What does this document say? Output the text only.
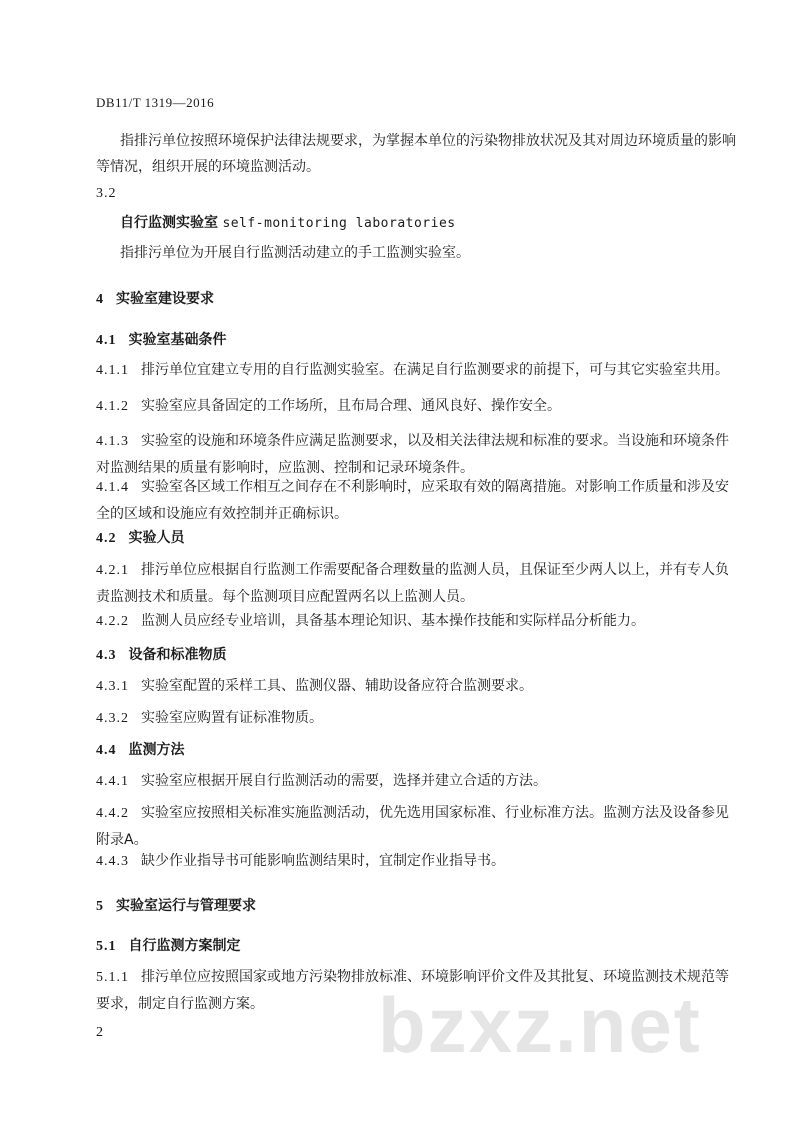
DB11/T 1319—2016
指排污单位按照环境保护法律法规要求，为掌握本单位的污染物排放状况及其对周边环境质量的影响等情况，组织开展的环境监测活动。
3.2
自行监测实验室 self-monitoring laboratories
指排污单位为开展自行监测活动建立的手工监测实验室。
4 实验室建设要求
4.1 实验室基础条件
4.1.1 排污单位宜建立专用的自行监测实验室。在满足自行监测要求的前提下，可与其它实验室共用。
4.1.2 实验室应具备固定的工作场所，且布局合理、通风良好、操作安全。
4.1.3 实验室的设施和环境条件应满足监测要求，以及相关法律法规和标准的要求。当设施和环境条件对监测结果的质量有影响时，应监测、控制和记录环境条件。
4.1.4 实验室各区域工作相互之间存在不利影响时，应采取有效的隔离措施。对影响工作质量和涉及安全的区域和设施应有效控制并正确标识。
4.2 实验人员
4.2.1 排污单位应根据自行监测工作需要配备合理数量的监测人员，且保证至少两人以上，并有专人负责监测技术和质量。每个监测项目应配置两名以上监测人员。
4.2.2 监测人员应经专业培训，具备基本理论知识、基本操作技能和实际样品分析能力。
4.3 设备和标准物质
4.3.1 实验室配置的采样工具、监测仪器、辅助设备应符合监测要求。
4.3.2 实验室应购置有证标准物质。
4.4 监测方法
4.4.1 实验室应根据开展自行监测活动的需要，选择并建立合适的方法。
4.4.2 实验室应按照相关标准实施监测活动，优先选用国家标准、行业标准方法。监测方法及设备参见附录A。
4.4.3 缺少作业指导书可能影响监测结果时，宜制定作业指导书。
5 实验室运行与管理要求
5.1 自行监测方案制定
5.1.1 排污单位应按照国家或地方污染物排放标准、环境影响评价文件及其批复、环境监测技术规范等要求，制定自行监测方案。	bzxz.net
2
